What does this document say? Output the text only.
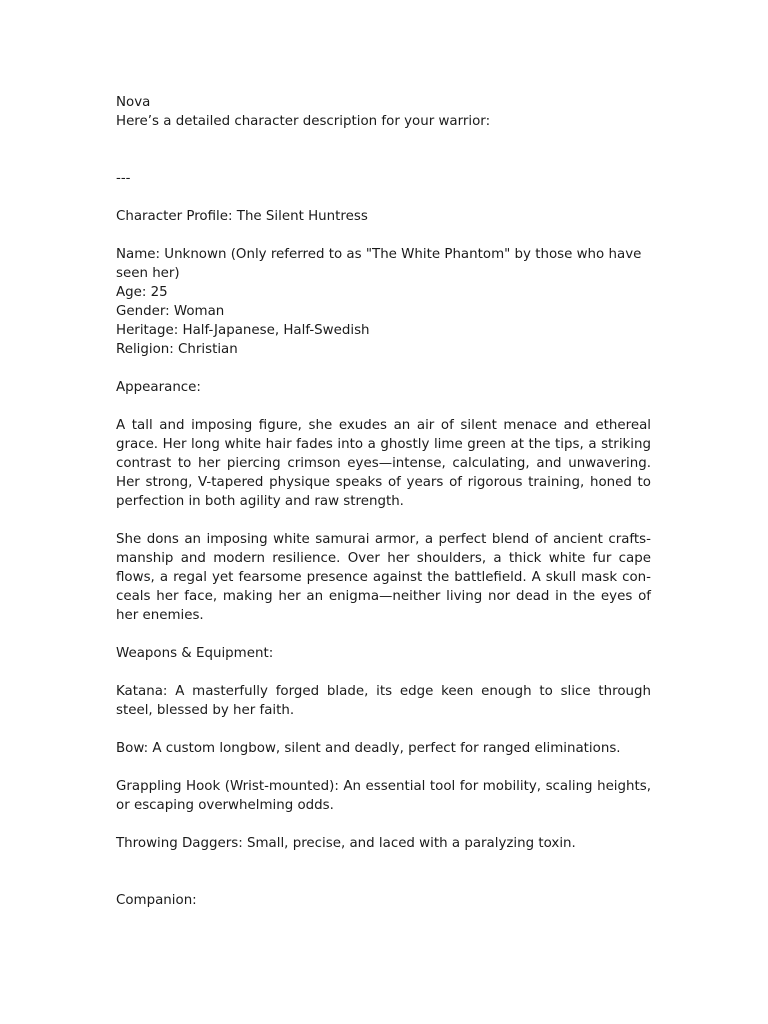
Nova
Here’s a detailed character description for your warrior:
---
Character Profile: The Silent Huntress
Name: Unknown (Only referred to as "The White Phantom" by those who have
seen her)
Age: 25
Gender: Woman
Heritage: Half-Japanese, Half-Swedish
Religion: Christian
Appearance:

A tall and imposing figure, she exudes an air of silent menace and ethereal grace. Her long white hair fades into a ghostly lime green at the tips, a striking contrast to her piercing crimson eyes—intense, calculating, and unwavering. Her strong, V-tapered physique speaks of years of rigorous training, honed to perfection in both agility and raw strength.

She dons an imposing white samurai armor, a perfect blend of ancient craftsmanship and modern resilience. Over her shoulders, a thick white fur cape flows, a regal yet fearsome presence against the battlefield. A skull mask conceals her face, making her an enigma—neither living nor dead in the eyes of her enemies.

Weapons & Equipment:

Katana: A masterfully forged blade, its edge keen enough to slice through steel, blessed by her faith.

Bow: A custom longbow, silent and deadly, perfect for ranged eliminations.

Grappling Hook (Wrist-mounted): An essential tool for mobility, scaling heights, or escaping overwhelming odds.

Throwing Daggers: Small, precise, and laced with a paralyzing toxin.

Companion:
